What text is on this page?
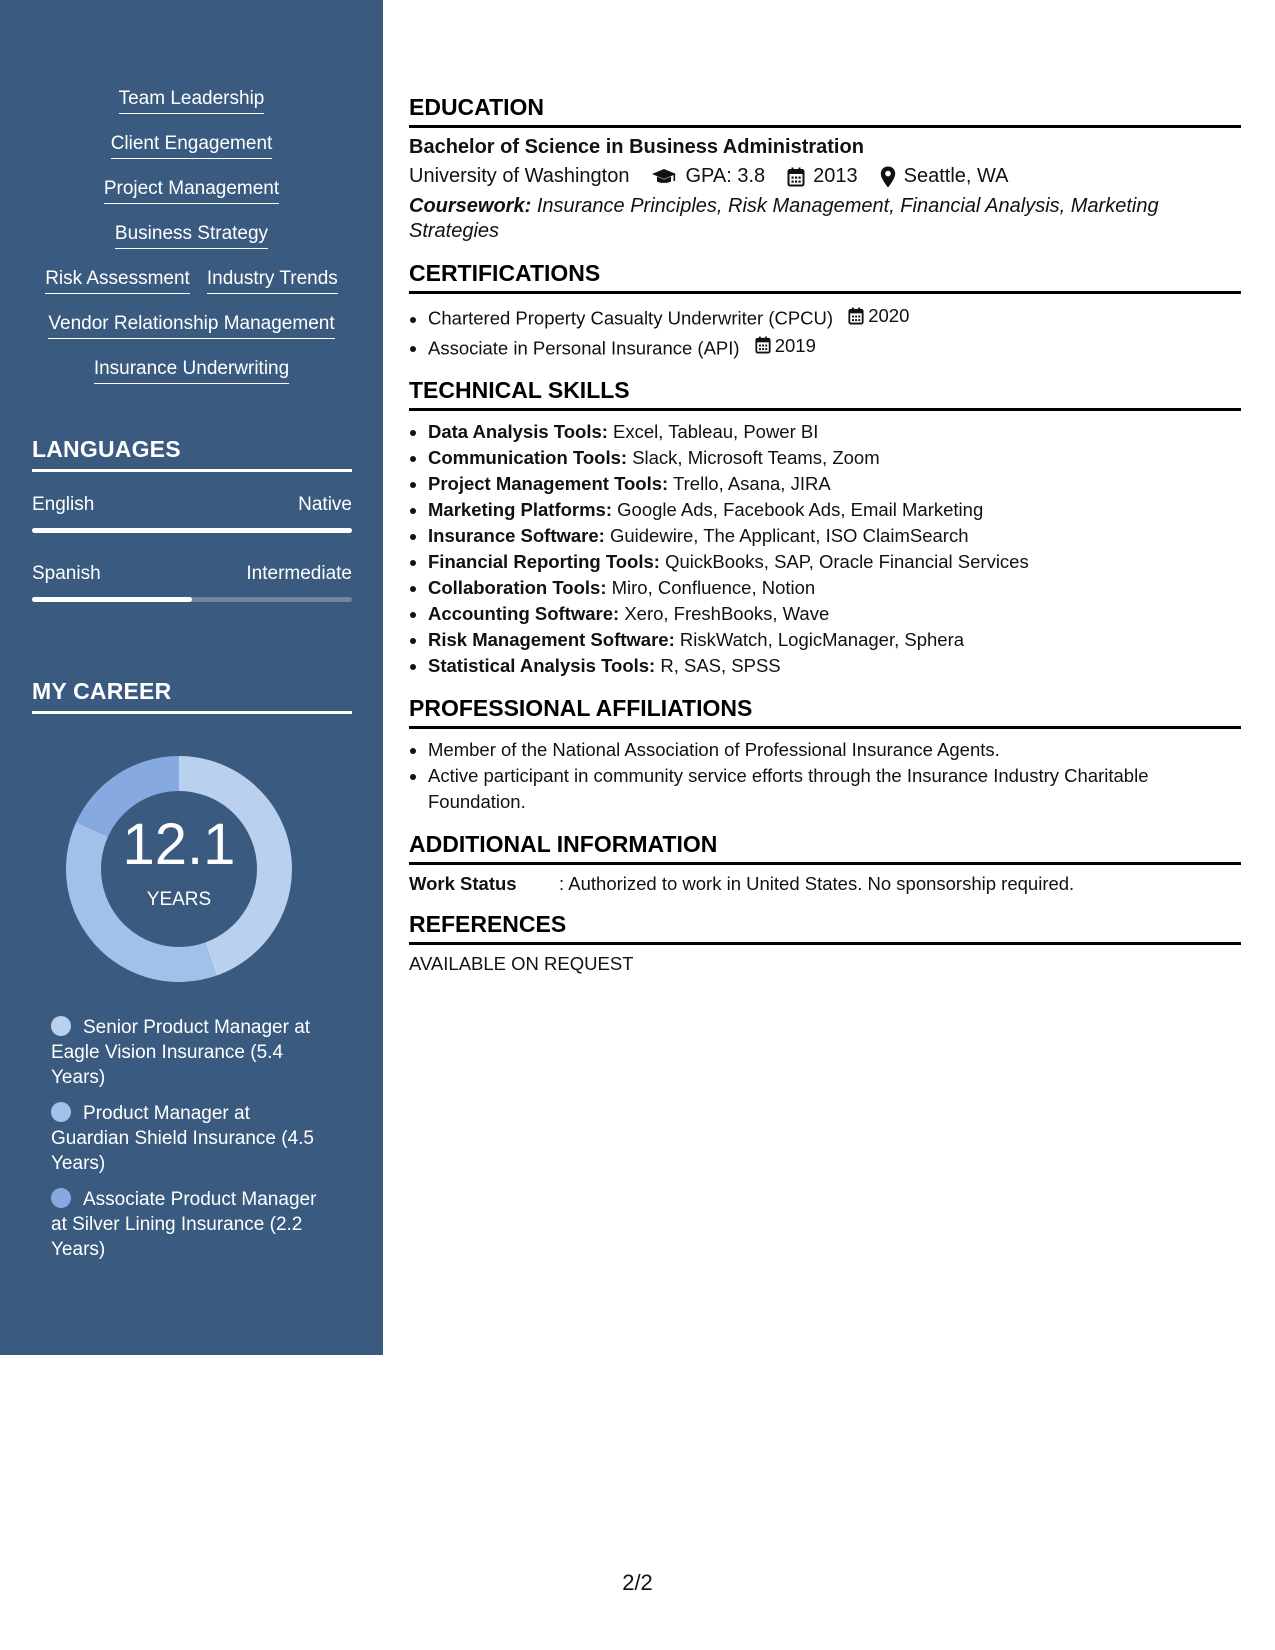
Team Leadership
Client Engagement
Project Management
Business Strategy
Risk Assessment Industry Trends
Vendor Relationship Management
Insurance Underwriting
LANGUAGES
English	Native
Spanish	Intermediate
MY CAREER
12.1
YEARS
Senior Product Manager at Eagle Vision Insurance (5.4 Years)
Product Manager at Guardian Shield Insurance (4.5 Years)
Associate Product Manager at Silver Lining Insurance (2.2 Years)
EDUCATION
Bachelor of Science in Business Administration
University of Washington	GPA: 3.8 2013 Seattle, WA
Coursework: Insurance Principles, Risk Management, Financial Analysis, Marketing Strategies
CERTIFICATIONS
• Chartered Property Casualty Underwriter (CPCU) 2020
• Associate in Personal Insurance (API) 2019
TECHNICAL SKILLS
• Data Analysis Tools: Excel, Tableau, Power BI
• Communication Tools: Slack, Microsoft Teams, Zoom
• Project Management Tools: Trello, Asana, JIRA
• Marketing Platforms: Google Ads, Facebook Ads, Email Marketing
• Insurance Software: Guidewire, The Applicant, ISO ClaimSearch
• Financial Reporting Tools: QuickBooks, SAP, Oracle Financial Services
• Collaboration Tools: Miro, Confluence, Notion
• Accounting Software: Xero, FreshBooks, Wave
• Risk Management Software: RiskWatch, LogicManager, Sphera
• Statistical Analysis Tools: R, SAS, SPSS
PROFESSIONAL AFFILIATIONS
• Member of the National Association of Professional Insurance Agents.
• Active participant in community service efforts through the Insurance Industry Charitable Foundation.
ADDITIONAL INFORMATION
Work Status	: Authorized to work in United States. No sponsorship required.
REFERENCES
AVAILABLE ON REQUEST
2/2
